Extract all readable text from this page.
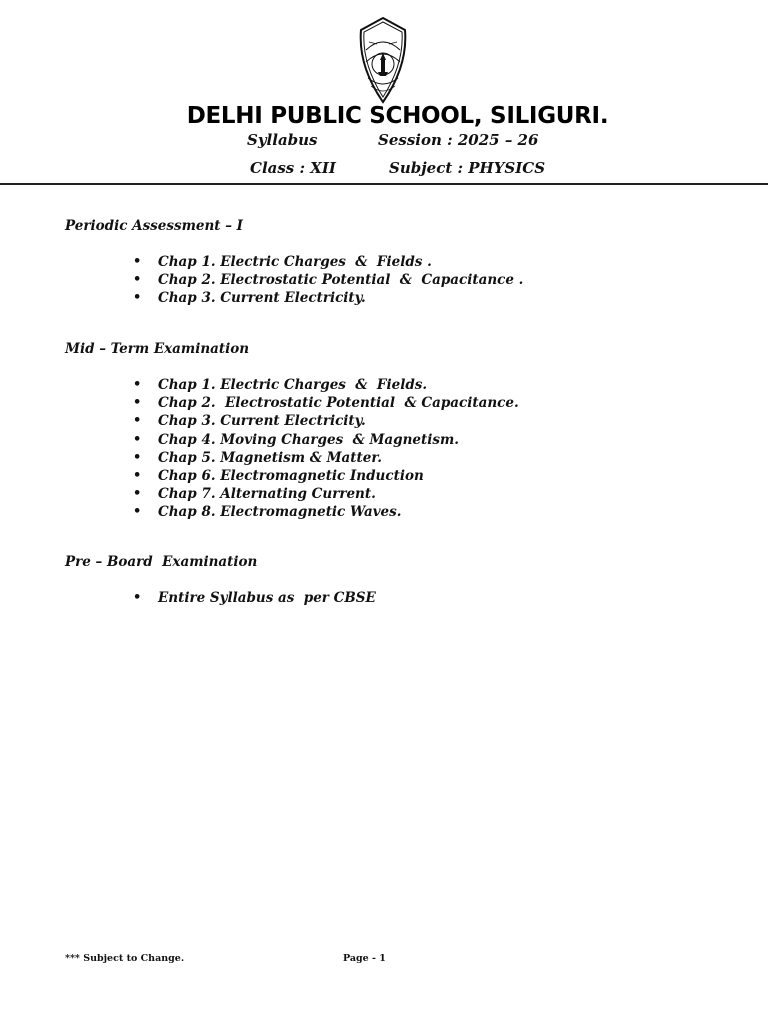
DELHI PUBLIC SCHOOL, SILIGURI.
Syllabus	Session : 2025 – 26
Class : XII	Subject : PHYSICS
Periodic Assessment – I
• Chap 1. Electric Charges  &  Fields .
• Chap 2. Electrostatic Potential  &  Capacitance .
• Chap 3. Current Electricity.
Mid – Term Examination
• Chap 1. Electric Charges  &  Fields.
• Chap 2.  Electrostatic Potential  & Capacitance.
• Chap 3. Current Electricity.
• Chap 4. Moving Charges  & Magnetism.
• Chap 5. Magnetism & Matter.
• Chap 6. Electromagnetic Induction
• Chap 7. Alternating Current.
• Chap 8. Electromagnetic Waves.
Pre – Board  Examination
• Entire Syllabus as  per CBSE
*** Subject to Change.	Page - 1
